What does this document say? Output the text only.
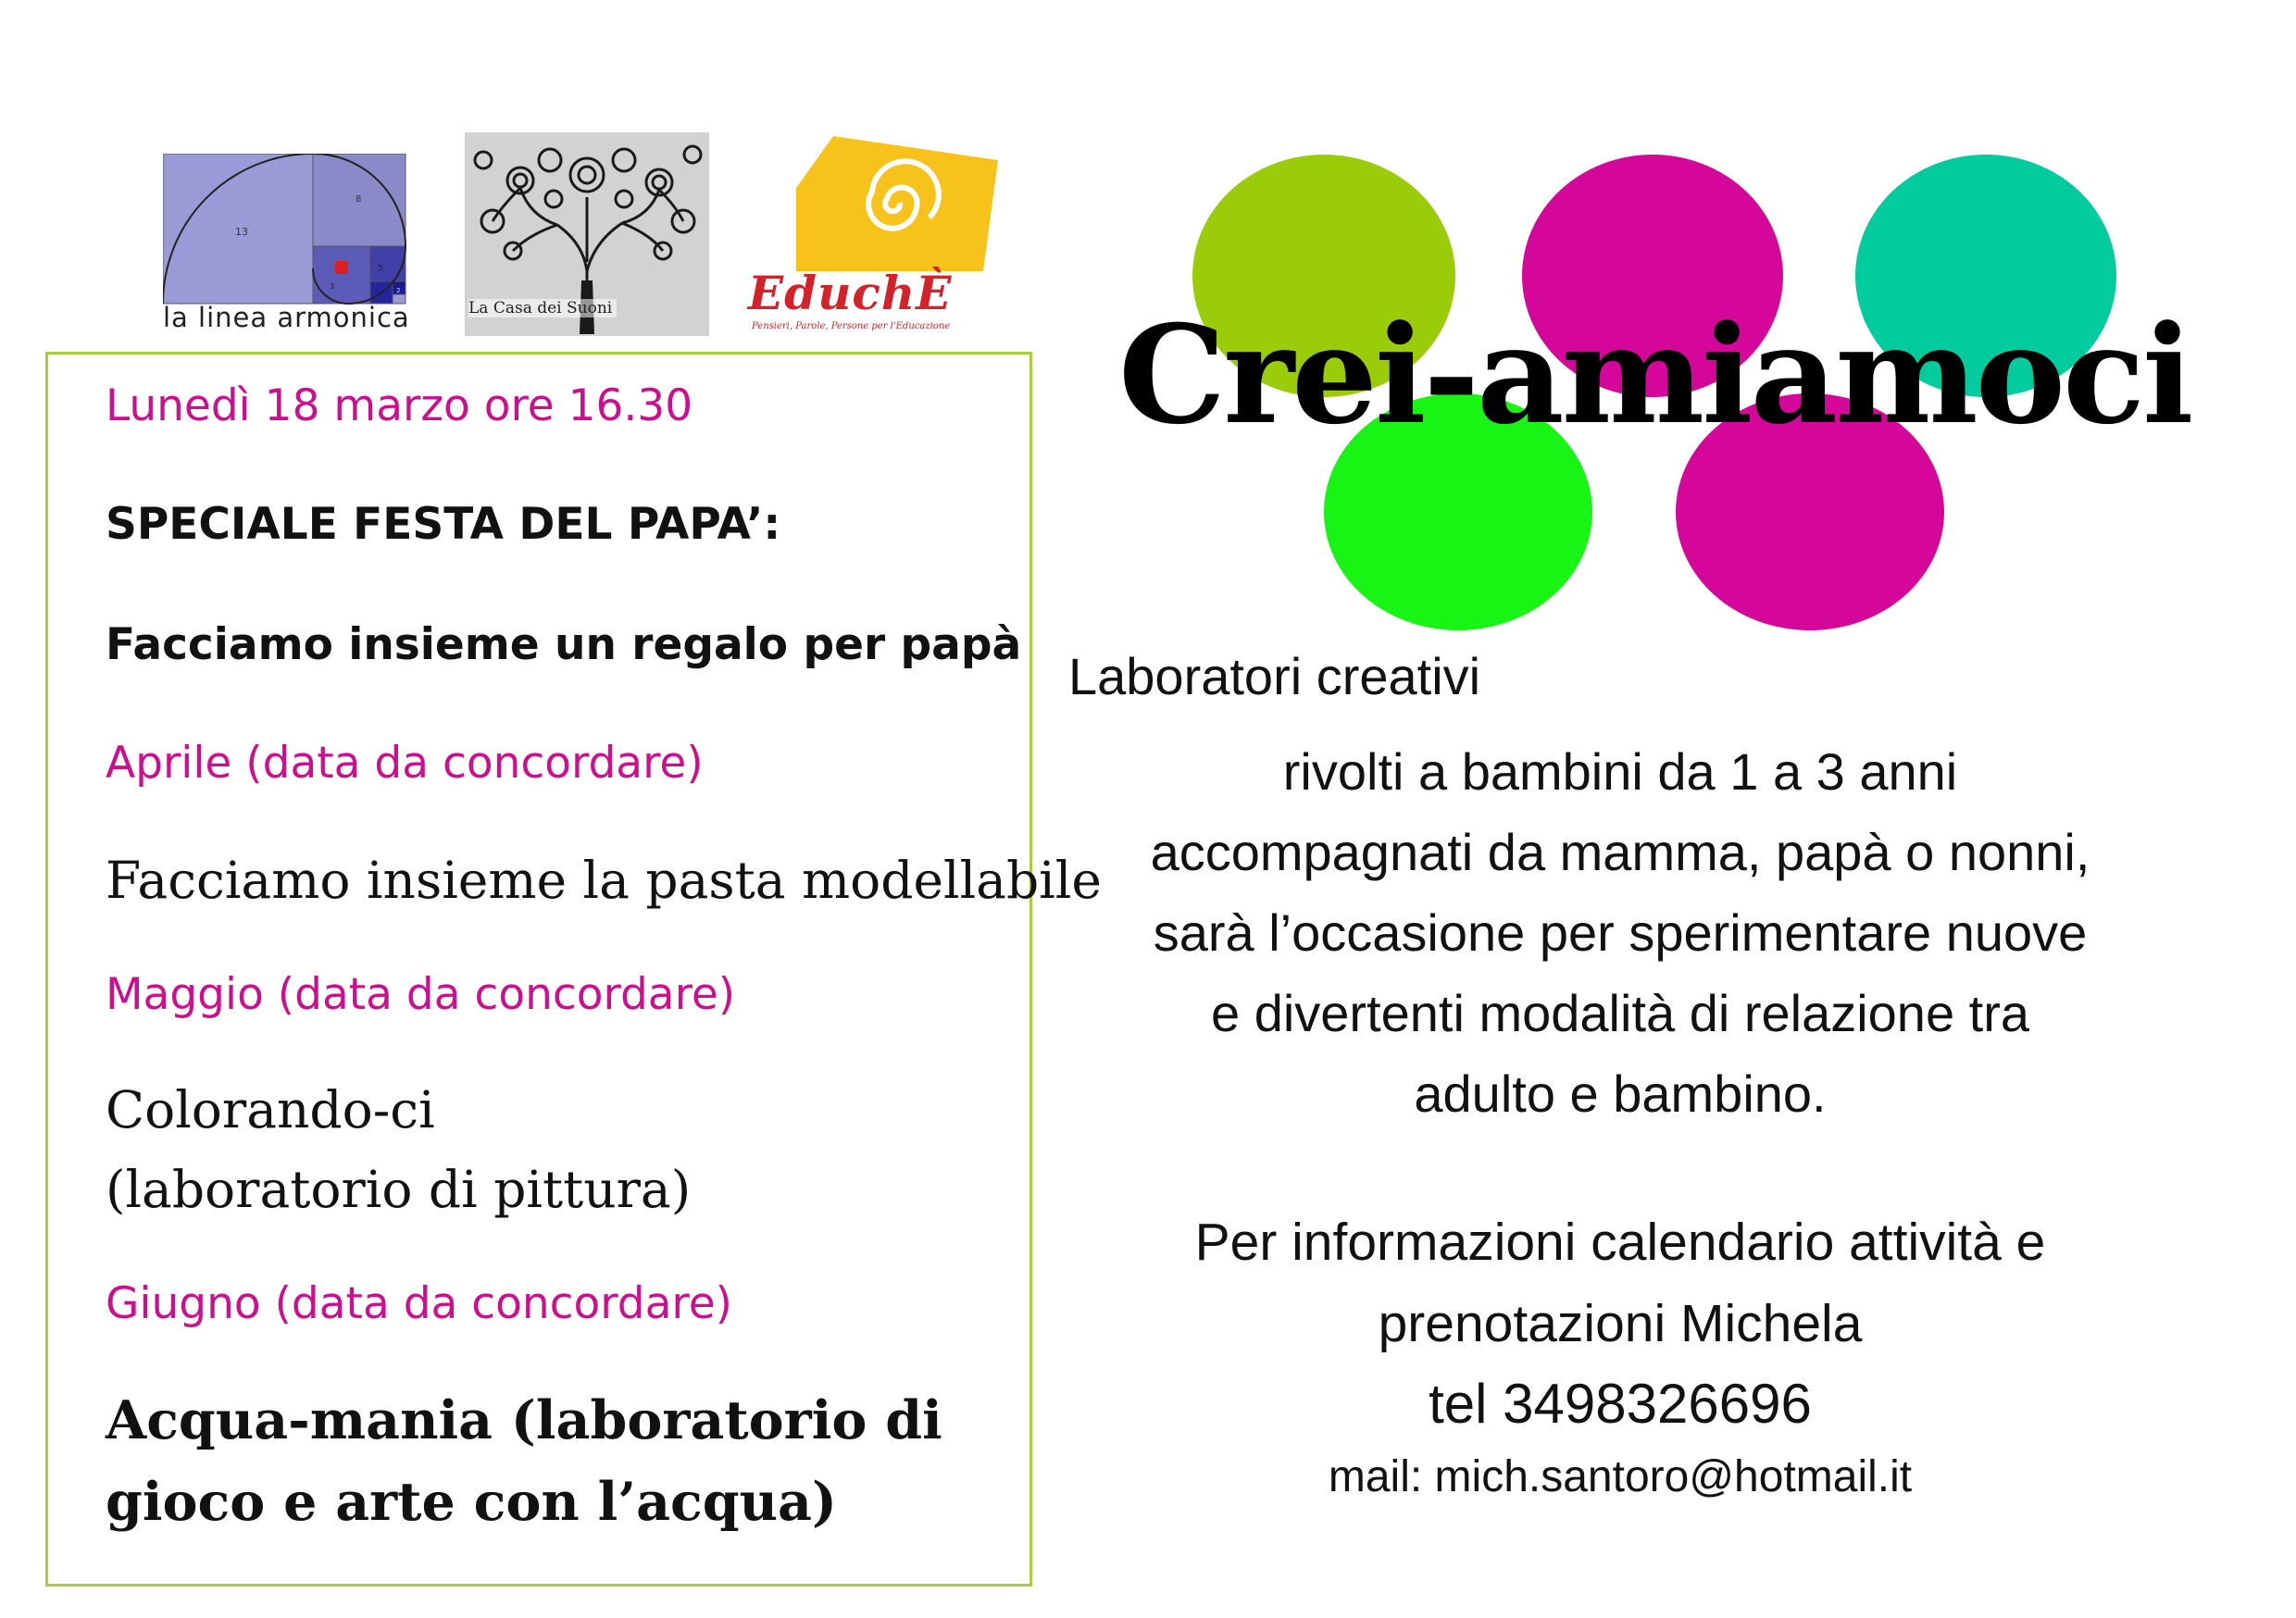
13
8
5
3	2
la linea armonica	La Casa dei Suoni	EduchÈ
Pensieri, Parole, Persone per l'Educazione
Lunedì 18 marzo ore 16.30
SPECIALE FESTA DEL PAPA’:
Facciamo insieme un regalo per papà
Aprile (data da concordare)
Facciamo insieme la pasta modellabile
Maggio (data da concordare)
Colorando-ci
(laboratorio di pittura)
Giugno (data da concordare)
Acqua-mania (laboratorio di
gioco e arte con l’acqua)
Crei-amiamoci
Laboratori creativi
rivolti a bambini da 1 a 3 anni
accompagnati da mamma, papà o nonni,
sarà l’occasione per sperimentare nuove
e divertenti modalità di relazione tra
adulto e bambino.
Per informazioni calendario attività e
prenotazioni Michela
tel 3498326696
mail: mich.santoro@hotmail.it
